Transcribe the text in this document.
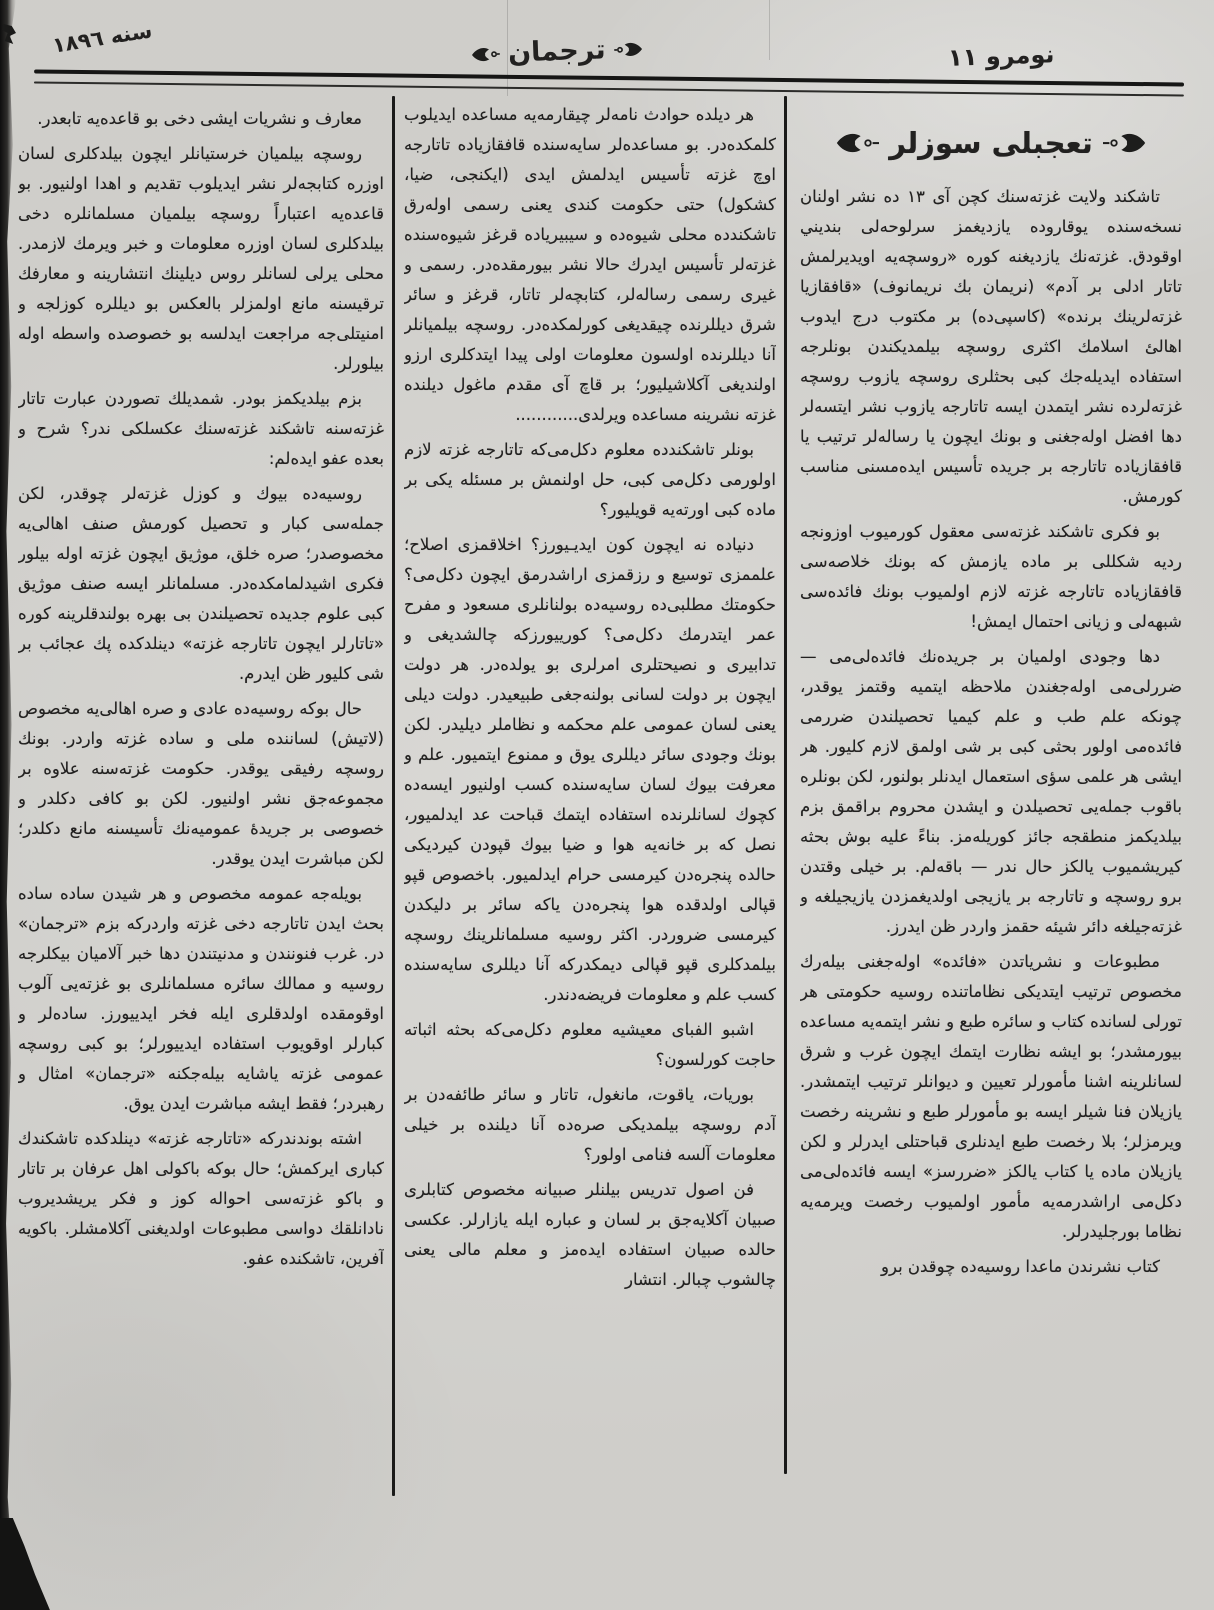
سنه ١٨٩٦
ترجمان	نومرو ١١
تعجبلى سوزلر

تاشكند ولايت غزته‌سنك كچن آى ١٣ ده نشر اولنان نسخه‌سنده يوقاروده يازديغمز سرلوحه‌لى بنديني اوقودق. غزته‌نك يازديغنه كوره «روسچه‌يه اويديرلمش تاتار ادلى بر آدم» (نريمان بك نريمانوف) «قافقازيا غزته‌لرينك برنده» (كاسپى‌ده) بر مكتوب درج ايدوب اهالئ اسلامك اكثرى روسچه بيلمديكندن بونلرجه استفاده ايديله‌جك كبى بحثلرى روسچه يازوب روسچه غزته‌لرده نشر ايتمدن ايسه تاتارجه يازوب نشر ايتسه‌لر دها افضل اوله‌جغنى و بونك ايچون يا رساله‌لر ترتيب يا قافقازياده تاتارجه بر جريده تأسيس ايده‌مسنى مناسب كورمش.

بو فكرى تاشكند غزته‌سى معقول كورميوب اوزونجه رديه شكللى بر ماده يازمش كه بونك خلاصه‌سى قافقازياده تاتارجه غزته لازم اولميوب بونك فائده‌سى شبهه‌لى و زيانى احتمال ايمش!

دها وجودى اولميان بر جريده‌نك فائده‌لى‌مى — ضررلى‌مى اوله‌جغندن ملاحظه ايتميه وقتمز يوقدر، چونكه علم طب و علم كيميا تحصيلندن ضررمى فائده‌مى اولور بحثى كبى بر شى اولمق لازم كليور. هر ايشى هر علمى سؤى استعمال ايدنلر بولنور، لكن بونلره باقوب جمله‌يى تحصيلدن و ايشدن محروم براقمق بزم بيلديكمز منطقجه جائز كوريله‌مز. بناءً عليه بوش بحثه كيريشميوب يالكز حال ندر — باقه‌لم. بر خيلى وقتدن برو روسچه و تاتارجه بر يازيجى اولديغمزدن يازيجيلغه و غزته‌جيلغه دائر شيئه حقمز واردر ظن ايدرز.

مطبوعات و نشرياتدن «فائده» اوله‌جغنى بيله‌رك مخصوص ترتيب ايتديكى نظاماتنده روسيه حكومتى هر تورلى لسانده كتاب و سائره طبع و نشر ايتمه‌يه مساعده بيورمشدر؛ بو ايشه نظارت ايتمك ايچون غرب و شرق لسانلرينه اشنا مأمورلر تعيين و ديوانلر ترتيب ايتمشدر. يازيلان فنا شيلر ايسه بو مأمورلر طبع و نشرينه رخصت ويرمزلر؛ بلا رخصت طبع ايدنلرى قباحتلى ايدرلر و لكن يازيلان ماده يا كتاب يالكز «ضررسز» ايسه فائده‌لى‌مى دكل‌مى اراشدرمه‌يه مأمور اولميوب رخصت ويرمه‌يه نظاما بورجليدرلر.

كتاب نشرندن ماعدا روسيه‌ده چوقدن برو

هر ديلده حوادث نامه‌لر چيقارمه‌يه مساعده ايديلوب كلمكده‌در. بو مساعده‌لر سايه‌سنده قافقازياده تاتارجه اوچ غزته تأسيس ايدلمش ايدى (ايكنجى، ضيا، كشكول) حتى حكومت كندى يعنى رسمى اوله‌رق تاشكندده محلى شيوه‌ده و سيبيرياده قرغز شيوه‌سنده غزته‌لر تأسيس ايدرك حالا نشر بيورمقده‌در. رسمى و غيرى رسمى رساله‌لر، كتابچه‌لر تاتار، قرغز و سائر شرق ديللرنده چيقديغى كورلمكده‌در. روسچه بيلميانلر آنا ديللرنده اولسون معلومات اولى پيدا ايتدكلرى ارزو اولنديغى آكلاشيليور؛ بر قاچ آى مقدم ماغول ديلنده غزته نشرينه مساعده ويرلدى............

بونلر تاشكندده معلوم دكل‌مى‌كه تاتارجه غزته لازم اولورمى دكل‌مى كبى، حل اولنمش بر مسئله يكى بر ماده كبى اورته‌يه قويليور؟

دنياده نه ايچون كون ايديـيورز؟ اخلاقمزى اصلاح؛ علممزى توسيع و رزقمزى اراشدرمق ايچون دكل‌مى؟ حكومتك مطلبى‌ده روسيه‌ده بولنانلرى مسعود و مفرح عمر ايتدرمك دكل‌مى؟ كورييورزكه چالشديغى و تدابيرى و نصيحتلرى امرلرى بو يولده‌در. هر دولت ايچون بر دولت لسانى بولنه‌جغى طبيعيدر. دولت ديلى يعنى لسان عمومى علم محكمه و نظاملر ديليدر. لكن بونك وجودى سائر ديللرى يوق و ممنوع ايتميور. علم و معرفت بيوك لسان سايه‌سنده كسب اولنيور ايسه‌ده كچوك لسانلرنده استفاده ايتمك قباحت عد ايدلميور، نصل كه بر خانه‌يه هوا و ضيا بيوك قپودن كيرديكى حالده پنجره‌دن كيرمسى حرام ايدلميور. باخصوص قپو قپالى اولدقده هوا پنجره‌دن ياكه سائر بر دليكدن كيرمسى ضروردر. اكثر روسيه مسلمانلرينك روسچه بيلمدكلرى قپو قپالى ديمكدركه آنا ديللرى سايه‌سنده كسب علم و معلومات فريضه‌دندر.

اشبو الفباى معيشيه معلوم دكل‌مى‌كه بحثه اثباته حاجت كورلسون؟

بوريات، ياقوت، مانغول، تاتار و سائر طائفه‌دن بر آدم روسچه بيلمديكى صره‌ده آنا ديلنده بر خيلى معلومات آلسه فنامى اولور؟

فن اصول تدريس بيلنلر صبيانه مخصوص كتابلرى صبيان آكلايه‌جق بر لسان و عباره ايله يازارلر. عكسى حالده صبيان استفاده ايده‌مز و معلم مالى يعنى چالشوب چبالر. انتشار

معارف و نشريات ايشى دخى بو قاعده‌يه تابعدر.

روسچه بيلميان خرستيانلر ايچون بيلدكلرى لسان اوزره كتابجه‌لر نشر ايديلوب تقديم و اهدا اولنيور. بو قاعده‌يه اعتباراً روسچه بيلميان مسلمانلره دخى بيلدكلرى لسان اوزره معلومات و خبر ويرمك لازمدر. محلى يرلى لسانلر روس ديلينك انتشارينه و معارفك ترقيسنه مانع اولمزلر بالعكس بو ديللره كوزلجه و امنيتلى‌جه مراجعت ايدلسه بو خصوصده واسطه اوله بيلورلر.

بزم بيلديكمز بودر. شمديلك تصوردن عبارت تاتار غزته‌سنه تاشكند غزته‌سنك عكسلكى ندر؟ شرح و بعده عفو ايده‌لم:

روسيه‌ده بيوك و كوزل غزته‌لر چوقدر، لكن جمله‌سى كبار و تحصيل كورمش صنف اهالى‌يه مخصوصدر؛ صره خلق، موژيق ايچون غزته اوله بيلور فكرى اشيدلمامكده‌در. مسلمانلر ايسه صنف موژيق كبى علوم جديده تحصيلندن بى بهره بولندقلرينه كوره «تاتارلر ايچون تاتارجه غزته» دينلدكده پك عجائب بر شى كليور ظن ايدرم.

حال بوكه روسيه‌ده عادى و صره اهالى‌يه مخصوص (لاتيش) لساننده ملى و ساده غزته واردر. بونك روسچه رفيقى يوقدر. حكومت غزته‌سنه علاوه بر مجموعه‌جق نشر اولنيور. لكن بو كافى دكلدر و خصوصى بر جريدهٔ عموميه‌نك تأسيسنه مانع دكلدر؛ لكن مباشرت ايدن يوقدر.

بويله‌جه عمومه مخصوص و هر شيدن ساده ساده بحث ايدن تاتارجه دخى غزته واردركه بزم «ترجمان» در. غرب فنونندن و مدنيتندن دها خبر آلاميان بيكلرجه روسيه و ممالك سائره مسلمانلرى بو غزته‌يى آلوب اوقومقده اولدقلرى ايله فخر ايدييورز. ساده‌لر و كبارلر اوقويوب استفاده ايدييورلر؛ بو كبى روسچه عمومى غزته ياشايه بيله‌جكنه «ترجمان» امثال و رهبردر؛ فقط ايشه مباشرت ايدن يوق.

اشته بوندندركه «تاتارجه غزته» دينلدكده تاشكندك كبارى ايركمش؛ حال بوكه باكولى اهل عرفان بر تاتار و باكو غزته‌سى احواله كوز و فكر يريشديروب نادانلقك دواسى مطبوعات اولديغنى آكلامشلر. باكويه آفرين، تاشكنده عفو.
